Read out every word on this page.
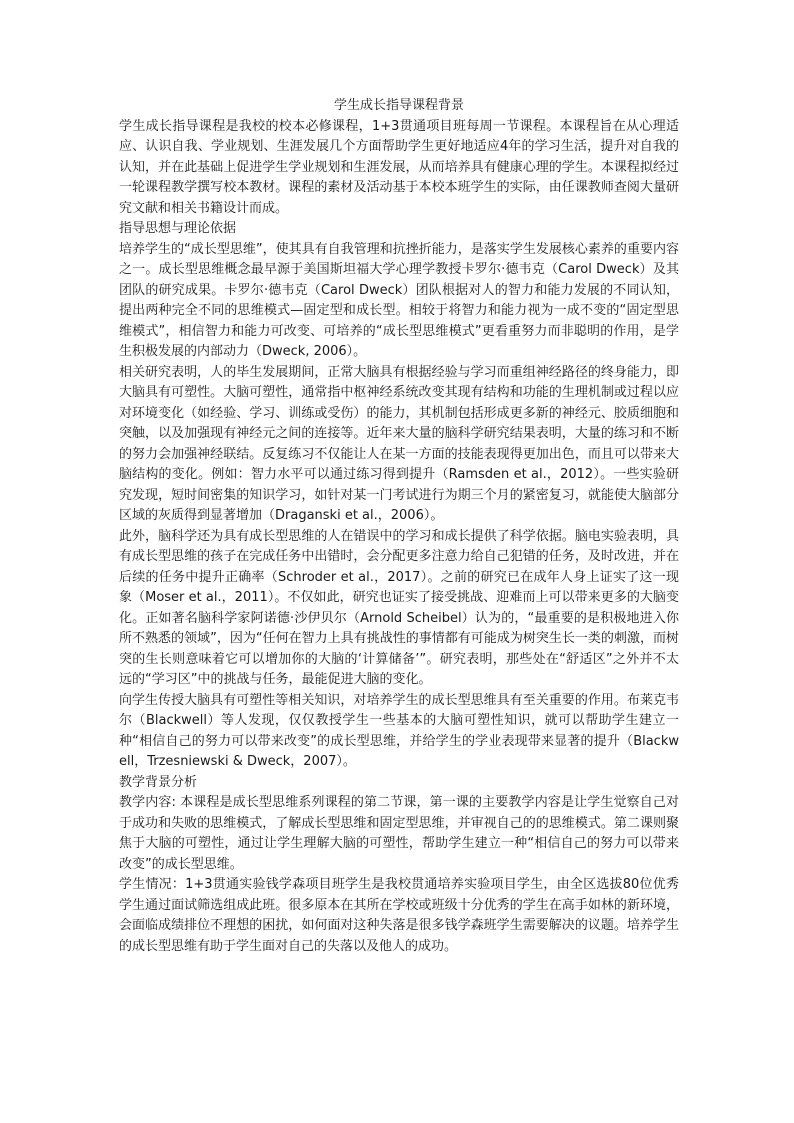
学生成长指导课程背景

学生成长指导课程是我校的校本必修课程，1+3贯通项目班每周一节课程。本课程旨在从心理适应、认识自我、学业规划、生涯发展几个方面帮助学生更好地适应4年的学习生活，提升对自我的认知，并在此基础上促进学生学业规划和生涯发展，从而培养具有健康心理的学生。本课程拟经过一轮课程教学撰写校本教材。课程的素材及活动基于本校本班学生的实际，由任课教师查阅大量研究文献和相关书籍设计而成。

指导思想与理论依据

培养学生的“成长型思维”，使其具有自我管理和抗挫折能力，是落实学生发展核心素养的重要内容之一。成长型思维概念最早源于美国斯坦福大学心理学教授卡罗尔·德韦克（Carol Dweck）及其团队的研究成果。卡罗尔·德韦克（Carol Dweck）团队根据对人的智力和能力发展的不同认知，提出两种完全不同的思维模式—固定型和成长型。相较于将智力和能力视为一成不变的“固定型思维模式”，相信智力和能力可改变、可培养的“成长型思维模式”更看重努力而非聪明的作用，是学生积极发展的内部动力（Dweck, 2006）。

相关研究表明，人的毕生发展期间，正常大脑具有根据经验与学习而重组神经路径的终身能力，即大脑具有可塑性。大脑可塑性，通常指中枢神经系统改变其现有结构和功能的生理机制或过程以应对环境变化（如经验、学习、训练或受伤）的能力，其机制包括形成更多新的神经元、胶质细胞和突触，以及加强现有神经元之间的连接等。近年来大量的脑科学研究结果表明，大量的练习和不断的努力会加强神经联结。反复练习不仅能让人在某一方面的技能表现得更加出色，而且可以带来大脑结构的变化。例如：智力水平可以通过练习得到提升（Ramsden et al.，2012）。一些实验研究发现，短时间密集的知识学习，如针对某一门考试进行为期三个月的紧密复习，就能使大脑部分区域的灰质得到显著增加（Draganski et al.，2006）。

此外，脑科学还为具有成长型思维的人在错误中的学习和成长提供了科学依据。脑电实验表明，具有成长型思维的孩子在完成任务中出错时，会分配更多注意力给自己犯错的任务，及时改进，并在后续的任务中提升正确率（Schroder et al.，2017）。之前的研究已在成年人身上证实了这一现象（Moser et al.，2011）。不仅如此，研究也证实了接受挑战、迎难而上可以带来更多的大脑变化。正如著名脑科学家阿诺德·沙伊贝尔（Arnold Scheibel）认为的，“最重要的是积极地进入你所不熟悉的领域”，因为“任何在智力上具有挑战性的事情都有可能成为树突生长一类的刺激，而树突的生长则意味着它可以增加你的大脑的‘计算储备’”。研究表明，那些处在“舒适区”之外并不太远的“学习区”中的挑战与任务，最能促进大脑的变化。

向学生传授大脑具有可塑性等相关知识，对培养学生的成长型思维具有至关重要的作用。布莱克韦尔（Blackwell）等人发现，仅仅教授学生一些基本的大脑可塑性知识，就可以帮助学生建立一种“相信自己的努力可以带来改变”的成长型思维，并给学生的学业表现带来显著的提升（Blackwell，Trzesniewski & Dweck，2007）。

教学背景分析

教学内容: 本课程是成长型思维系列课程的第二节课，第一课的主要教学内容是让学生觉察自己对于成功和失败的思维模式，了解成长型思维和固定型思维，并审视自己的的思维模式。第二课则聚焦于大脑的可塑性，通过让学生理解大脑的可塑性，帮助学生建立一种“相信自己的努力可以带来改变”的成长型思维。

学生情况：1+3贯通实验钱学森项目班学生是我校贯通培养实验项目学生，由全区选拔80位优秀学生通过面试筛选组成此班。很多原本在其所在学校或班级十分优秀的学生在高手如林的新环境，会面临成绩排位不理想的困扰，如何面对这种失落是很多钱学森班学生需要解决的议题。培养学生的成长型思维有助于学生面对自己的失落以及他人的成功。
